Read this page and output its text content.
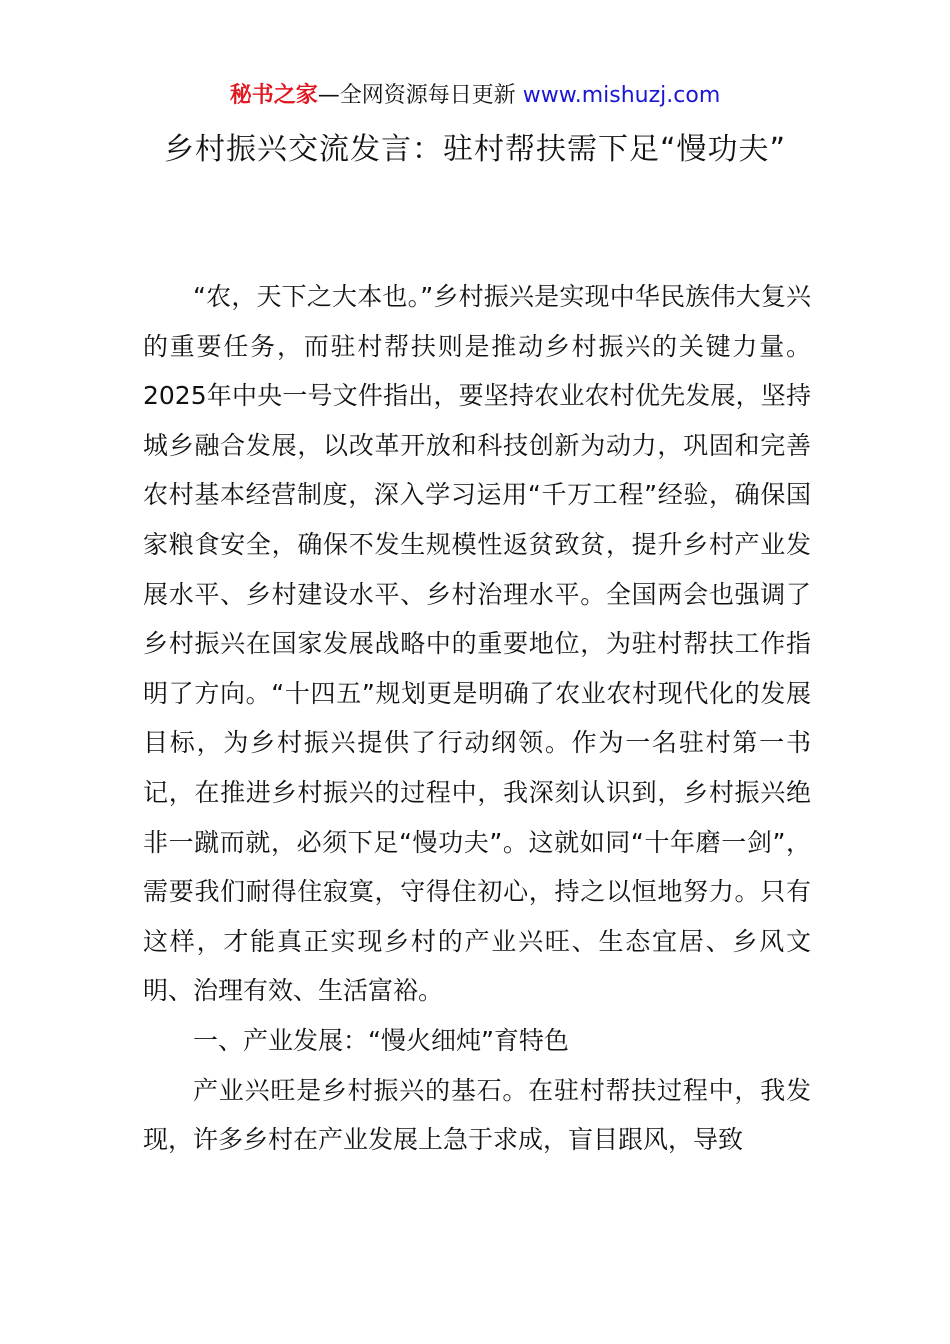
秘书之家—全网资源每日更新 www.mishuzj.com
乡村振兴交流发言：驻村帮扶需下足“慢功夫”

“农，天下之大本也。”乡村振兴是实现中华民族伟大复兴的重要任务，而驻村帮扶则是推动乡村振兴的关键力量。2025年中央一号文件指出，要坚持农业农村优先发展，坚持城乡融合发展，以改革开放和科技创新为动力，巩固和完善农村基本经营制度，深入学习运用“千万工程”经验，确保国家粮食安全，确保不发生规模性返贫致贫，提升乡村产业发展水平、乡村建设水平、乡村治理水平。全国两会也强调了乡村振兴在国家发展战略中的重要地位，为驻村帮扶工作指明了方向。“十四五”规划更是明确了农业农村现代化的发展目标，为乡村振兴提供了行动纲领。作为一名驻村第一书记，在推进乡村振兴的过程中，我深刻认识到，乡村振兴绝非一蹴而就，必须下足“慢功夫”。这就如同“十年磨一剑”，需要我们耐得住寂寞，守得住初心，持之以恒地努力。只有这样，才能真正实现乡村的产业兴旺、生态宜居、乡风文明、治理有效、生活富裕。

一、产业发展：“慢火细炖”育特色

产业兴旺是乡村振兴的基石。在驻村帮扶过程中，我发现，许多乡村在产业发展上急于求成，盲目跟风，导致
